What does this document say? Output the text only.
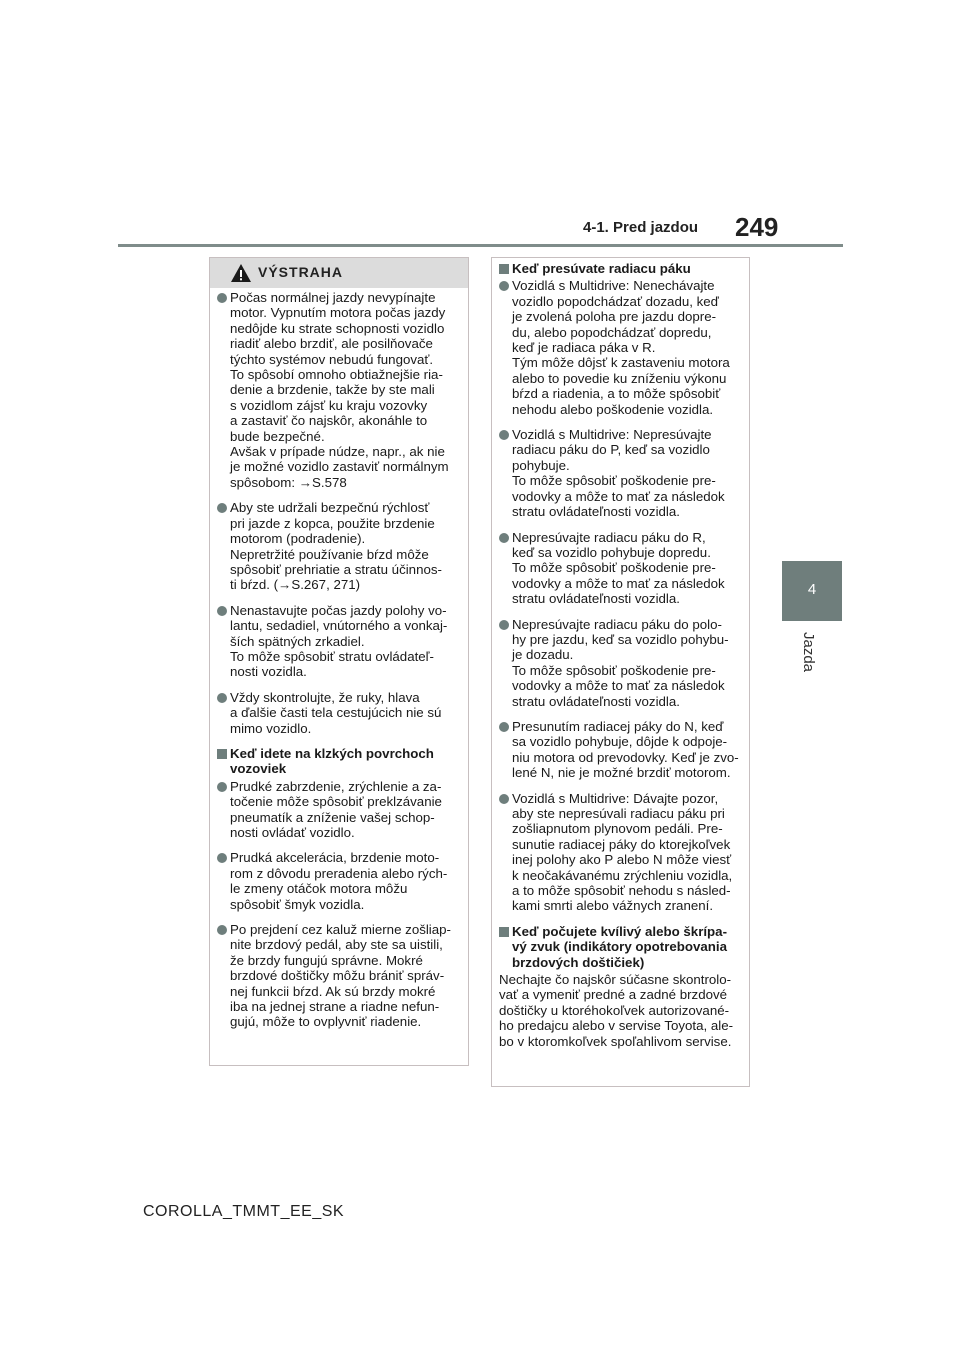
4-1. Pred jazdou 249
4
Jazda
VÝSTRAHA
Počas normálnej jazdy nevypínajte
motor. Vypnutím motora počas jazdy
nedôjde ku strate schopnosti vozidlo
riadiť alebo brzdiť, ale posilňovače
týchto systémov nebudú fungovať.
To spôsobí omnoho obtiažnejšie ria-
denie a brzdenie, takže by ste mali
s vozidlom zájsť ku kraju vozovky
a zastaviť čo najskôr, akonáhle to
bude bezpečné.
Avšak v prípade núdze, napr., ak nie
je možné vozidlo zastaviť normálnym
spôsobom: →S.578
Aby ste udržali bezpečnú rýchlosť
pri jazde z kopca, použite brzdenie
motorom (podradenie).
Nepretržité používanie bŕzd môže
spôsobiť prehriatie a stratu účinnos-
ti bŕzd. (→S.267, 271)
Nenastavujte počas jazdy polohy vo-
lantu, sedadiel, vnútorného a vonkaj-
ších spätných zrkadiel.
To môže spôsobiť stratu ovládateľ-
nosti vozidla.
Vždy skontrolujte, že ruky, hlava
a ďalšie časti tela cestujúcich nie sú
mimo vozidlo.
Keď idete na klzkých povrchoch
vozoviek
Prudké zabrzdenie, zrýchlenie a za-
točenie môže spôsobiť preklzávanie
pneumatík a zníženie vašej schop-
nosti ovládať vozidlo.
Prudká akcelerácia, brzdenie moto-
rom z dôvodu preradenia alebo rých-
le zmeny otáčok motora môžu
spôsobiť šmyk vozidla.
Po prejdení cez kaluž mierne zošliap-
nite brzdový pedál, aby ste sa uistili,
že brzdy fungujú správne. Mokré
brzdové doštičky môžu brániť správ-
nej funkcii bŕzd. Ak sú brzdy mokré
iba na jednej strane a riadne nefun-
gujú, môže to ovplyvniť riadenie.
Keď presúvate radiacu páku
Vozidlá s Multidrive: Nenechávajte
vozidlo popodchádzať dozadu, keď
je zvolená poloha pre jazdu dopre-
du, alebo popodchádzať dopredu,
keď je radiaca páka v R.
Tým môže dôjsť k zastaveniu motora
alebo to povedie ku zníženiu výkonu
bŕzd a riadenia, a to môže spôsobiť
nehodu alebo poškodenie vozidla.
Vozidlá s Multidrive: Nepresúvajte
radiacu páku do P, keď sa vozidlo
pohybuje.
To môže spôsobiť poškodenie pre-
vodovky a môže to mať za následok
stratu ovládateľnosti vozidla.
Nepresúvajte radiacu páku do R,
keď sa vozidlo pohybuje dopredu.
To môže spôsobiť poškodenie pre-
vodovky a môže to mať za následok
stratu ovládateľnosti vozidla.
Nepresúvajte radiacu páku do polo-
hy pre jazdu, keď sa vozidlo pohybu-
je dozadu.
To môže spôsobiť poškodenie pre-
vodovky a môže to mať za následok
stratu ovládateľnosti vozidla.
Presunutím radiacej páky do N, keď
sa vozidlo pohybuje, dôjde k odpoje-
niu motora od prevodovky. Keď je zvo-
lené N, nie je možné brzdiť motorom.
Vozidlá s Multidrive: Dávajte pozor,
aby ste nepresúvali radiacu páku pri
zošliapnutom plynovom pedáli. Pre-
sunutie radiacej páky do ktorejkoľvek
inej polohy ako P alebo N môže viesť
k neočakávanému zrýchleniu vozidla,
a to môže spôsobiť nehodu s násled-
kami smrti alebo vážnych zranení.
Keď počujete kvílivý alebo škrípa-
vý zvuk (indikátory opotrebovania
brzdových doštičiek)
Nechajte čo najskôr súčasne skontrolo-
vať a vymeniť predné a zadné brzdové
doštičky u ktoréhokoľvek autorizované-
ho predajcu alebo v servise Toyota, ale-
bo v ktoromkoľvek spoľahlivom servise.
COROLLA_TMMT_EE_SK
